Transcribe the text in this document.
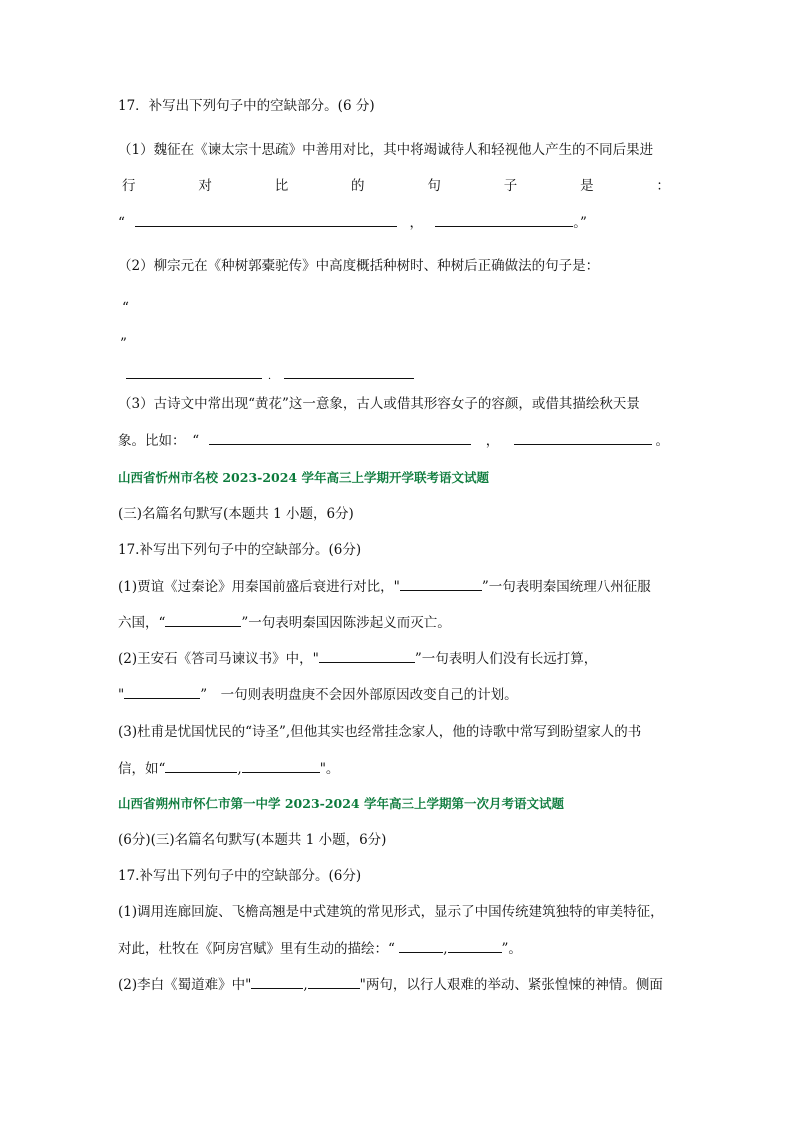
17．补写出下列句子中的空缺部分。(6 分)
（1）魏征在《谏太宗十思疏》中善用对比，其中将竭诚待人和轻视他人产生的不同后果进
行	对	比	的	句	子	是	：
“	，	。”
（2）柳宗元在《种树郭橐驼传》中高度概括种树时、种树后正确做法的句子是：
“
”
．
（3）古诗文中常出现“黄花”这一意象，古人或借其形容女子的容颜，或借其描绘秋天景
象。比如：　“	，	。
山西省忻州市名校 2023-2024 学年高三上学期开学联考语文试题
(三)名篇名句默写(本题共 1 小题，6分)
17.补写出下列句子中的空缺部分。(6分)
(1)贾谊《过秦论》用秦国前盛后衰进行对比，"	”一句表明秦国统理八州征服
六国，“	”一句表明秦国因陈涉起义而灭亡。
(2)王安石《答司马谏议书》中，"	”一句表明人们没有长远打算，
"	”　一句则表明盘庚不会因外部原因改变自己的计划。
(3)杜甫是忧国忧民的“诗圣”,但他其实也经常挂念家人，他的诗歌中常写到盼望家人的书
信，如“	,	"。
山西省朔州市怀仁市第一中学 2023-2024 学年高三上学期第一次月考语文试题
(6分)(三)名篇名句默写(本题共 1 小题，6分)
17.补写出下列句子中的空缺部分。(6分)
(1)调用连廊回旋、飞檐高翘是中式建筑的常见形式，显示了中国传统建筑独特的审美特征，
对此，杜牧在《阿房宫赋》里有生动的描绘：“	,	”。
(2)李白《蜀道难》中"	,	"两句，以行人艰难的举动、紧张惶悚的神情。侧面
